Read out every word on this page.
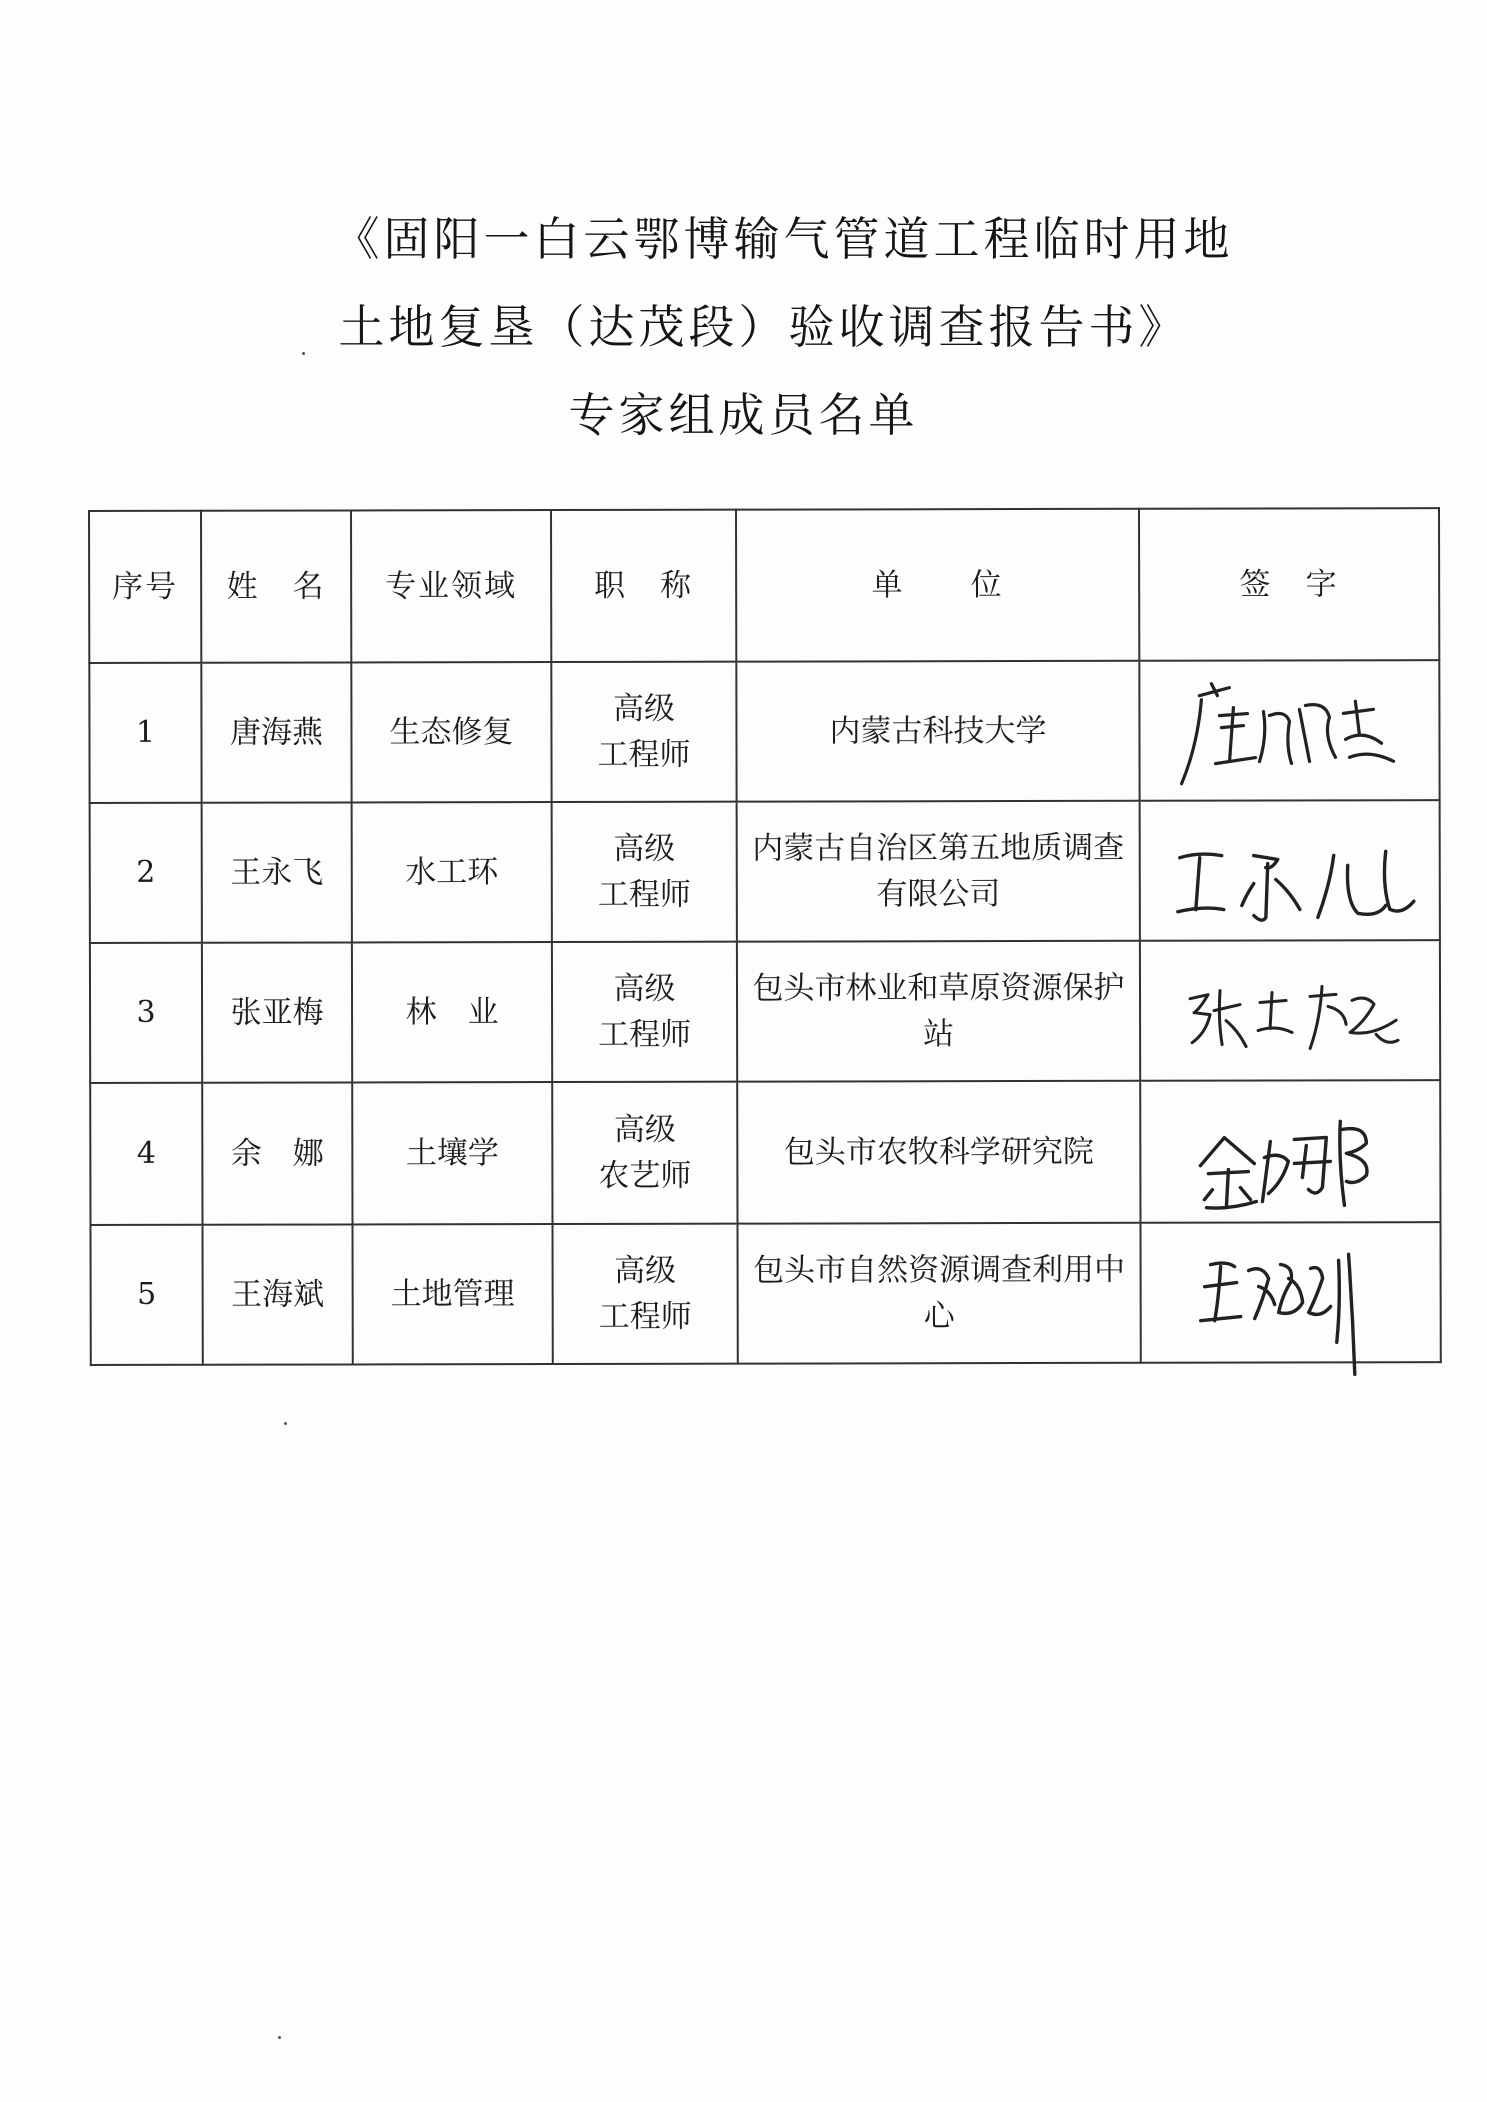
《固阳一白云鄂博输气管道工程临时用地
土地复垦（达茂段）验收调查报告书》
专家组成员名单
序号	姓　名	专业领域	职　称	单　　位	签　字
1	唐海燕	生态修复	高级
工程师	内蒙古科技大学	

2	王永飞	水工环	高级
工程师	内蒙古自治区第五地质调查有限公司	

3	张亚梅	林　业	高级
工程师	包头市林业和草原资源保护站	

4	余　娜	土壤学	高级
农艺师	包头市农牧科学研究院	

5	王海斌	土地管理	高级
工程师	包头市自然资源调查利用中心	
